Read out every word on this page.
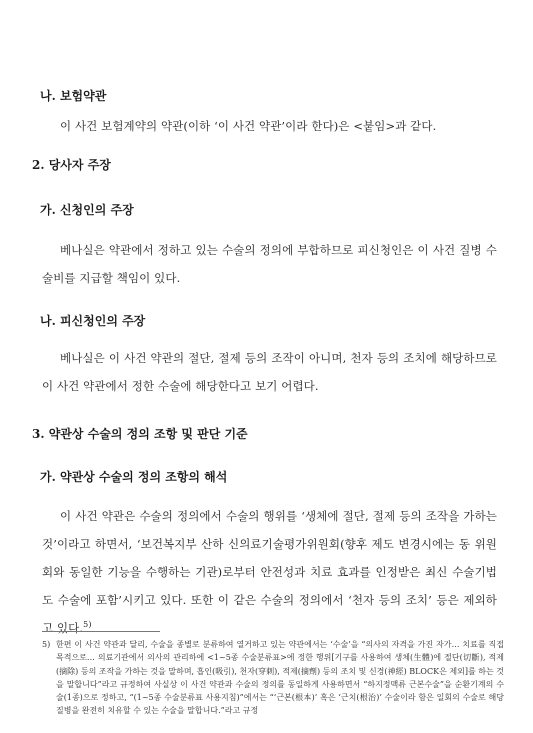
나. 보험약관
이 사건 보험계약의 약관(이하 ‘이 사건 약관’이라 한다)은 <붙임>과 같다.
2. 당사자 주장
가. 신청인의 주장
베나실은 약관에서 정하고 있는 수술의 정의에 부합하므로 피신청인은 이 사건 질병 수술비를 지급할 책임이 있다.
나. 피신청인의 주장
베나실은 이 사건 약관의 절단, 절제 등의 조작이 아니며, 천자 등의 조치에 해당하므로 이 사건 약관에서 정한 수술에 해당한다고 보기 어렵다.
3. 약관상 수술의 정의 조항 및 판단 기준
가. 약관상 수술의 정의 조항의 해석
이 사건 약관은 수술의 정의에서 수술의 행위를 ‘생체에 절단, 절제 등의 조작을 가하는 것’이라고 하면서, ‘보건복지부 산하 신의료기술평가위원회(향후 제도 변경시에는 동 위원회와 동일한 기능을 수행하는 기관)로부터 안전성과 치료 효과를 인정받은 최신 수술기법도 수술에 포함’시키고 있다. 또한 이 같은 수술의 정의에서 ‘천자 등의 조치’ 등은 제외하고 있다.$^{5)}$
5) 한편 이 사건 약관과 달리, 수술을 종별로 분류하여 열거하고 있는 약관에서는 ‘수술’을 “의사의 자격을 가진 자가… 치료를 직접목적으로… 의료기관에서 의사의 관리하에 <1~5종 수술분류표>에 정한 행위[기구를 사용하여 생체(生體)에 절단(切斷), 적제(摘除) 등의 조작을 가하는 것을 말하며, 흡인(吸引), 천자(穿刺), 적제(摘劑) 등의 조치 및 신경(神經) BLOCK은 제외]를 하는 것을 말합니다”라고 규정하여 사실상 이 사건 약관과 수술의 정의를 동일하게 사용하면서 “하지정맥류 근본수술”을 순환기계의 수술(1종)으로 정하고, “(1~5종 수술분류표 사용지침)”에서는 “‘근본(根本)’ 혹은 ‘근치(根治)’ 수술이라 함은 일회의 수술로 해당 질병을 완전히 치유할 수 있는 수술을 말합니다.”라고 규정
